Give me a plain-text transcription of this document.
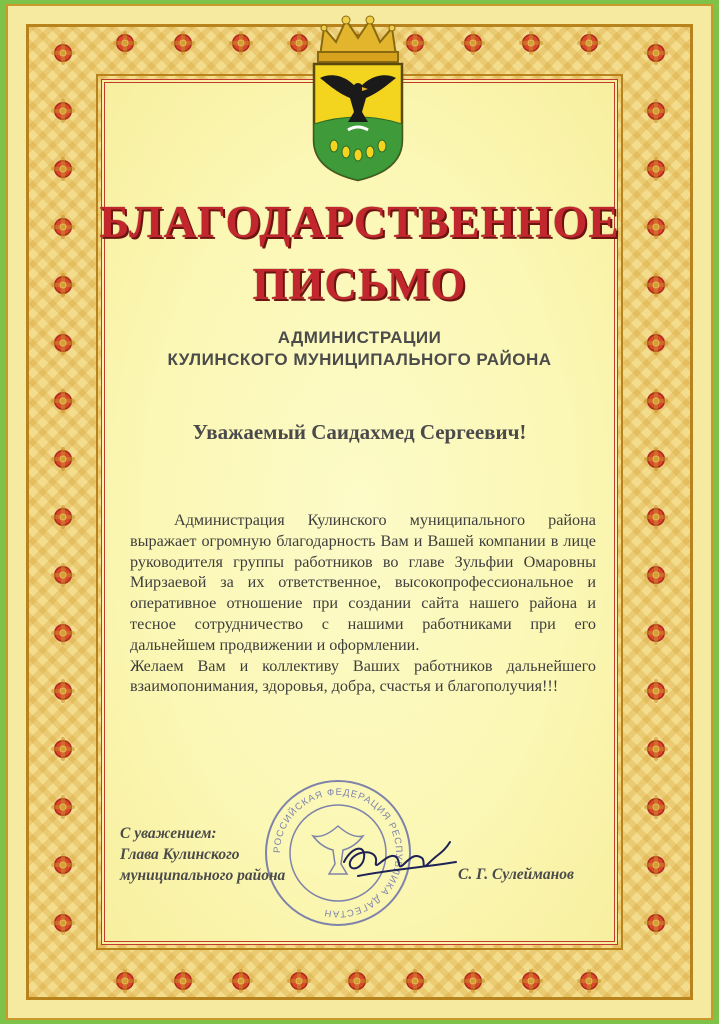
БЛАГОДАРСТВЕННОЕ
ПИСЬМО
АДМИНИСТРАЦИИ
КУЛИНСКОГО МУНИЦИПАЛЬНОГО РАЙОНА
Уважаемый Саидахмед Сергеевич!

Администрация Кулинского муниципального района выражает огромную благодарность Вам и Вашей компании в лице руководителя группы работников во главе Зульфии Омаровны Мирзаевой за их ответственное, высокопрофессиональное и оперативное отношение при создании сайта нашего района и тесное сотрудничество с нашими работниками при его дальнейшем продвижении и оформлении.

Желаем Вам и коллективу Ваших работников дальнейшего взаимопонимания, здоровья, добра, счастья и благополучия!!!

РОССИЙСКАЯ ФЕДЕРАЦИЯ РЕСПУБЛИКА ДАГЕСТАН
С уважением:
Глава Кулинского
муниципального района	С. Г. Сулейманов
